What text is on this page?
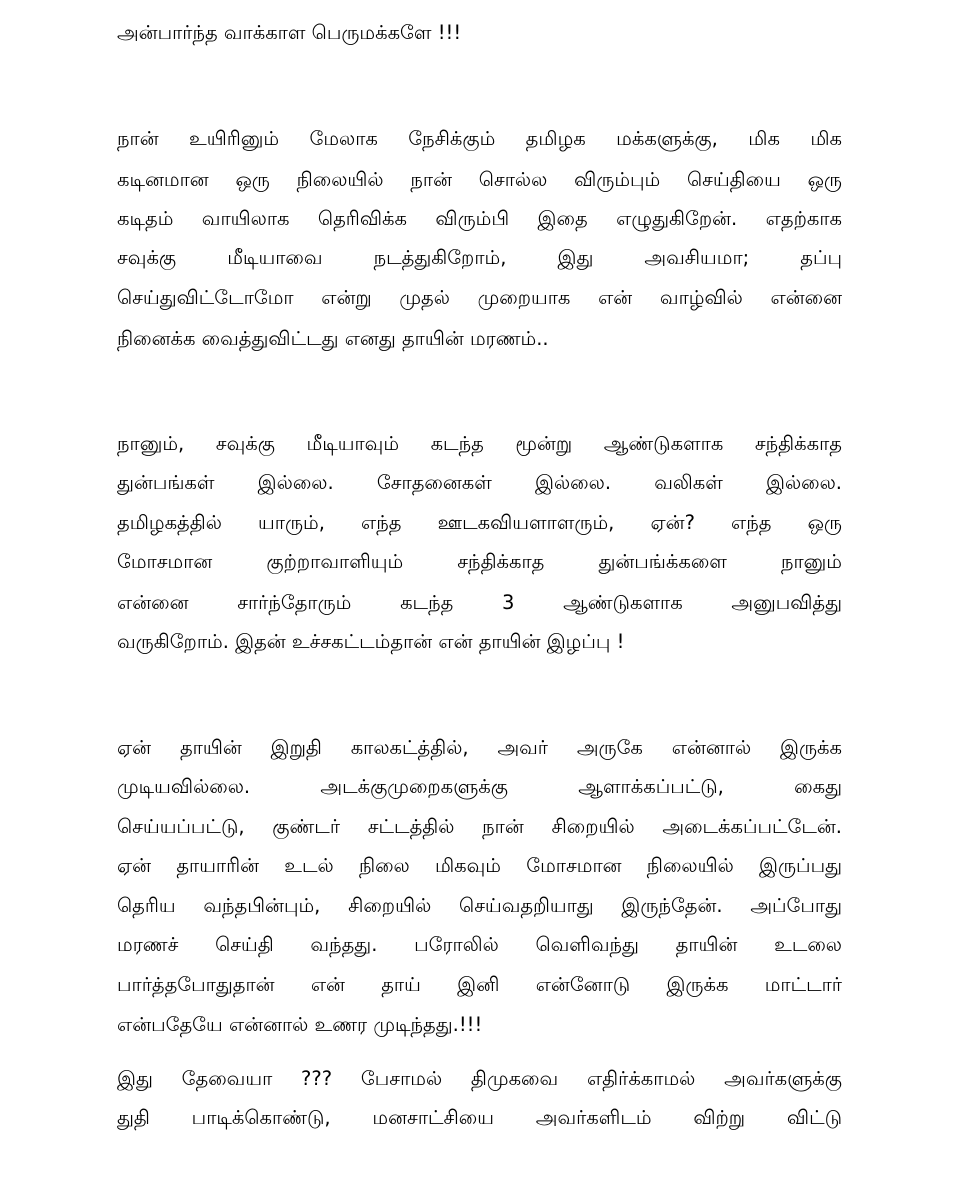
அன்பார்ந்த வாக்காள பெருமக்களே !!!
நான் உயிரினும் மேலாக நேசிக்கும் தமிழக மக்களுக்கு, மிக மிக
கடினமான ஒரு நிலையில் நான் சொல்ல விரும்பும் செய்தியை ஒரு
கடிதம் வாயிலாக தெரிவிக்க விரும்பி இதை எழுதுகிறேன். எதற்காக
சவுக்கு மீடியாவை நடத்துகிறோம், இது அவசியமா; தப்பு
செய்துவிட்டோமோ என்று முதல் முறையாக என் வாழ்வில் என்னை
நினைக்க வைத்துவிட்டது எனது தாயின் மரணம்..
நானும், சவுக்கு மீடியாவும் கடந்த மூன்று ஆண்டுகளாக சந்திக்காத
துன்பங்கள் இல்லை. சோதனைகள் இல்லை. வலிகள் இல்லை.
தமிழகத்தில் யாரும், எந்த ஊடகவியளாளரும், ஏன்? எந்த ஒரு
மோசமான குற்றாவாளியும் சந்திக்காத துன்பங்க்களை நானும்
என்னை சார்ந்தோரும் கடந்த 3 ஆண்டுகளாக அனுபவித்து
வருகிறோம். இதன் உச்சகட்டம்தான் என் தாயின் இழப்பு !
ஏன் தாயின் இறுதி காலகட்த்தில், அவர் அருகே என்னால் இருக்க
முடியவில்லை. அடக்குமுறைகளுக்கு ஆளாக்கப்பட்டு, கைது
செய்யப்பட்டு, குண்டர் சட்டத்தில் நான் சிறையில் அடைக்கப்பட்டேன்.
ஏன் தாயாரின் உடல் நிலை மிகவும் மோசமான நிலையில் இருப்பது
தெரிய வந்தபின்பும், சிறையில் செய்வதறியாது இருந்தேன். அப்போது
மரணச் செய்தி வந்தது. பரோலில் வெளிவந்து தாயின் உடலை
பார்த்தபோதுதான் என் தாய் இனி என்னோடு இருக்க மாட்டார்
என்பதேயே என்னால் உணர முடிந்தது.!!!
இது தேவையா ??? பேசாமல் திமுகவை எதிர்க்காமல் அவர்களுக்கு
துதி பாடிக்கொண்டு, மனசாட்சியை அவர்களிடம் விற்று விட்டு
